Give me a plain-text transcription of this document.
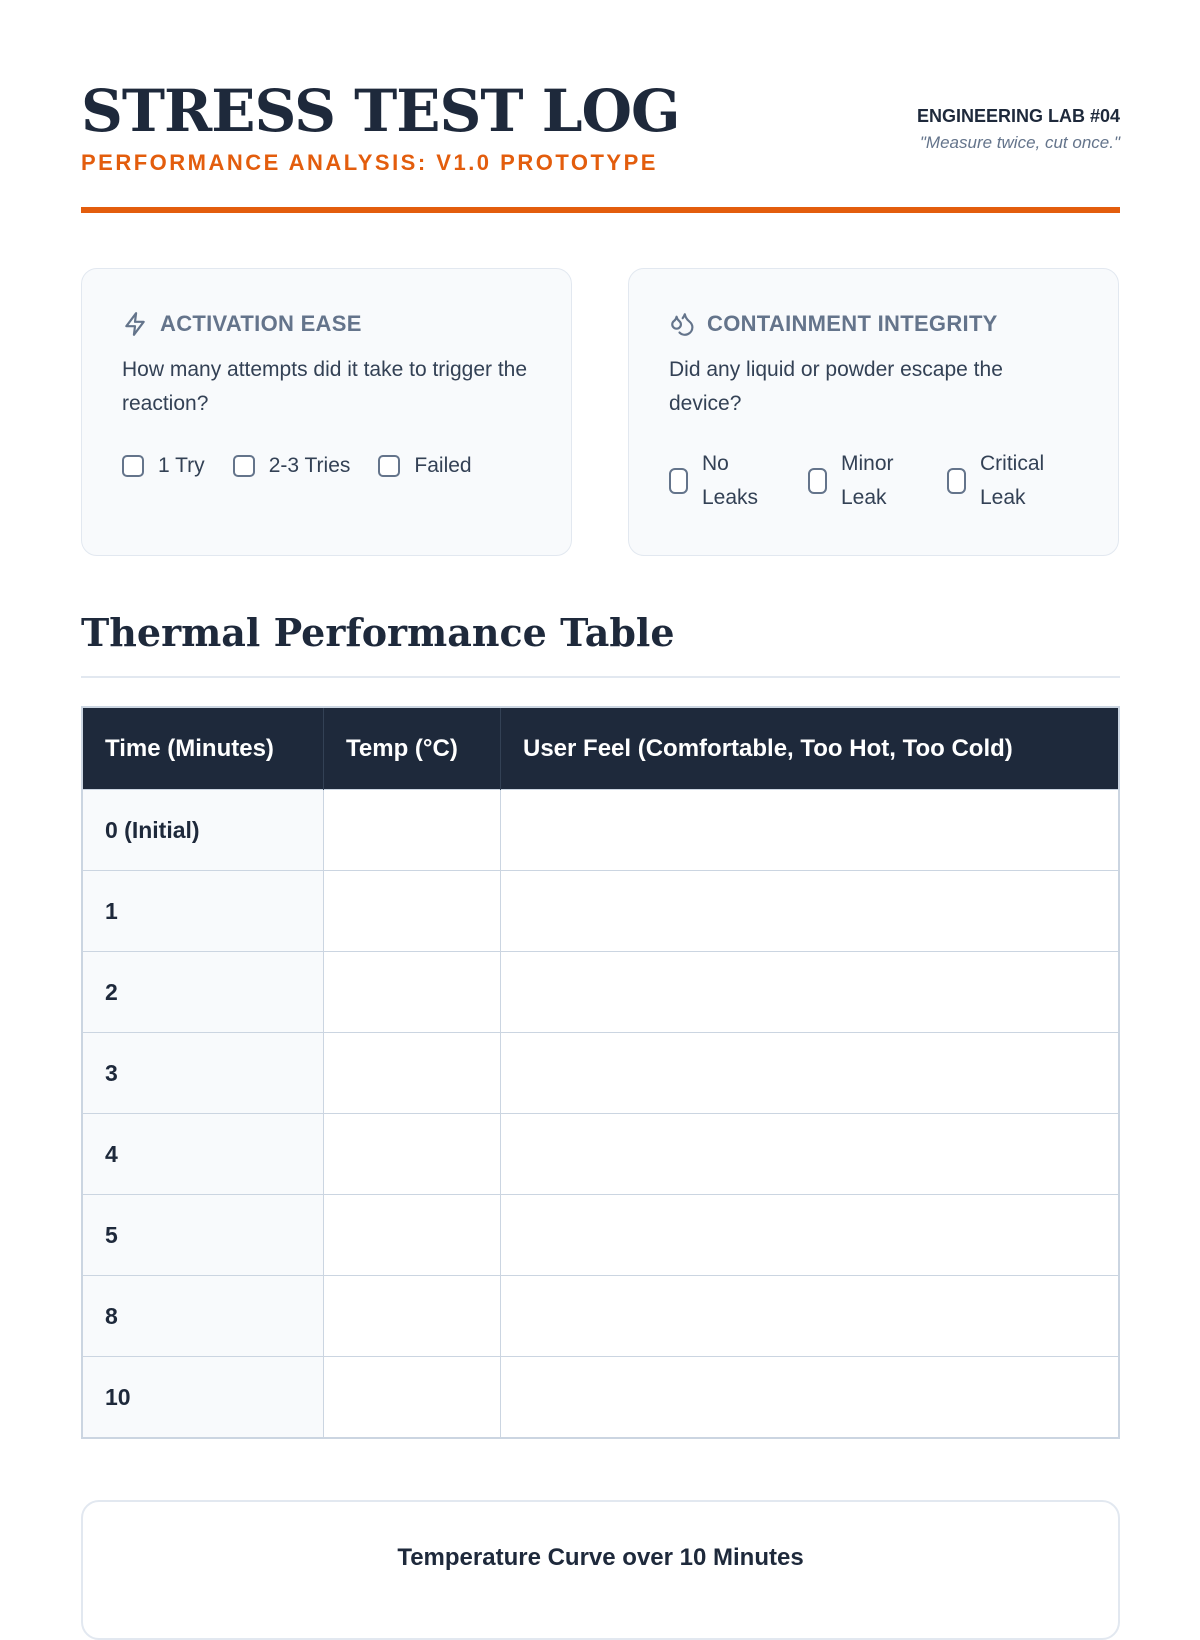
STRESS TEST LOG
PERFORMANCE ANALYSIS: V1.0 PROTOTYPE
ENGINEERING LAB #04
"Measure twice, cut once."
ACTIVATION EASE
How many attempts did it take to trigger the reaction?
1 Try	2-3 Tries	Failed
CONTAINMENT INTEGRITY
Did any liquid or powder escape the device?
No Leaks
Minor Leak
Critical Leak
Thermal Performance Table
Time (Minutes)	Temp (°C)	User Feel (Comfortable, Too Hot, Too Cold)
0 (Initial)		
1		
2		
3		
4		
5		
8		
10		
Temperature Curve over 10 Minutes
